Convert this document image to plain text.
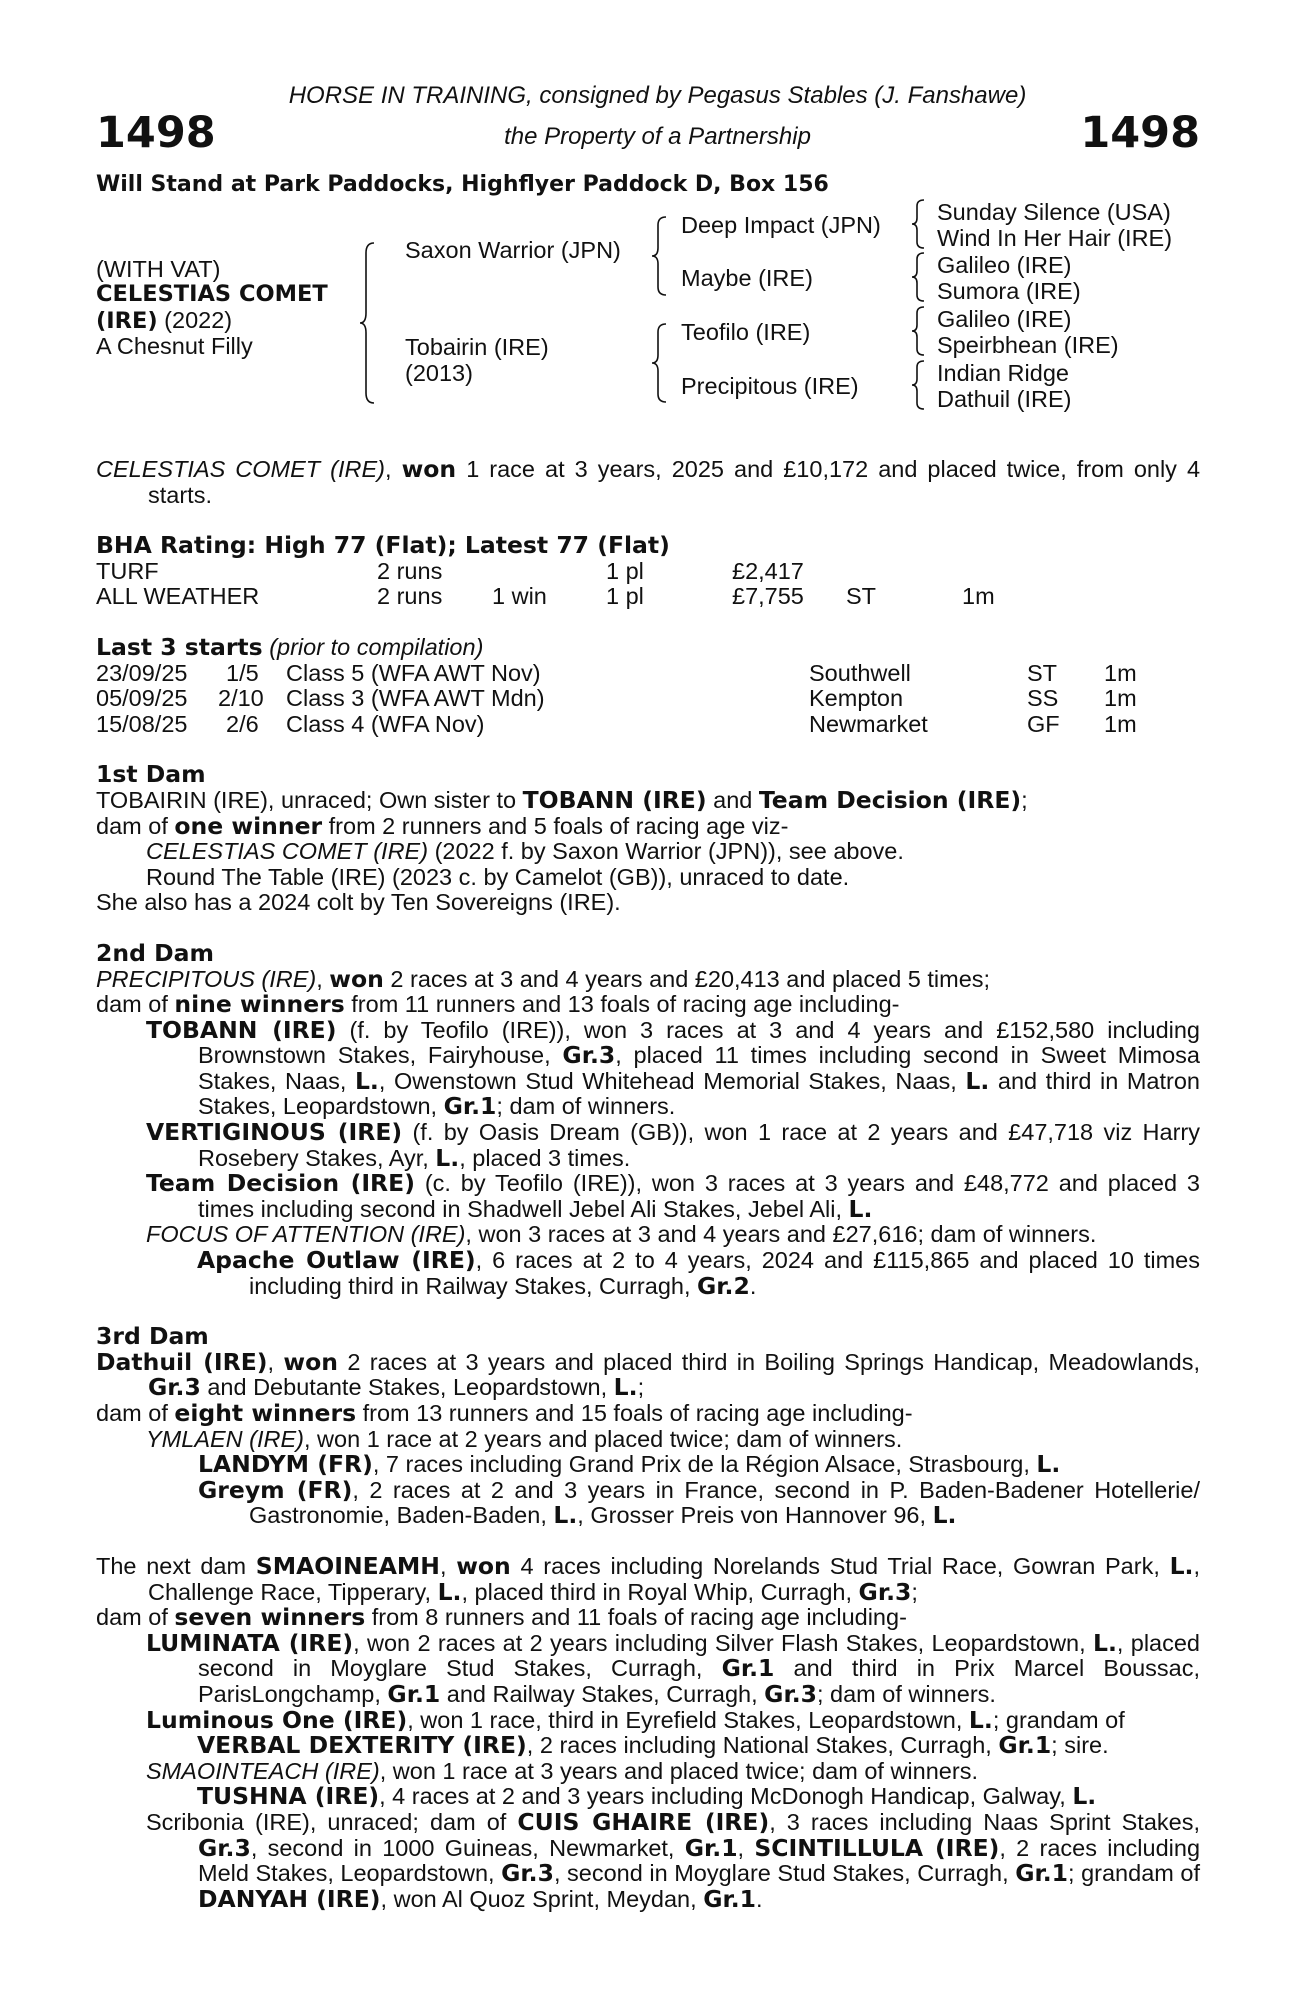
1498	1498
HORSE IN TRAINING, consigned by Pegasus Stables (J. Fanshawe)
the Property of a Partnership
Will Stand at Park Paddocks, Highflyer Paddock D, Box 156
(WITH VAT)
CELESTIAS COMET
(IRE) (2022)
A Chesnut Filly
Saxon Warrior (JPN)
Tobairin (IRE)
(2013)
Deep Impact (JPN)
Maybe (IRE)
Teofilo (IRE)
Precipitous (IRE)
Sunday Silence (USA)
Wind In Her Hair (IRE)
Galileo (IRE)
Sumora (IRE)
Galileo (IRE)
Speirbhean (IRE)
Indian Ridge
Dathuil (IRE)
CELESTIAS COMET (IRE), won 1 race at 3 years, 2025 and £10,172 and placed twice, from only 4 starts.
BHA Rating: High 77 (Flat); Latest 77 (Flat)
TURF	2 runs	1 pl	£2,417
ALL WEATHER	2 runs 1 win	1 pl	£7,755 ST	1m
Last 3 starts (prior to compilation)
23/09/25 1/5 Class 5 (WFA AWT Nov)	Southwell	ST 1m
05/09/25 2/10 Class 3 (WFA AWT Mdn)	Kempton	SS 1m
15/08/25 2/6 Class 4 (WFA Nov)	Newmarket	GF 1m
1st Dam
TOBAIRIN (IRE), unraced; Own sister to TOBANN (IRE) and Team Decision (IRE);
dam of one winner from 2 runners and 5 foals of racing age viz-
CELESTIAS COMET (IRE) (2022 f. by Saxon Warrior (JPN)), see above.
Round The Table (IRE) (2023 c. by Camelot (GB)), unraced to date.
She also has a 2024 colt by Ten Sovereigns (IRE).
2nd Dam
PRECIPITOUS (IRE), won 2 races at 3 and 4 years and £20,413 and placed 5 times;
dam of nine winners from 11 runners and 13 foals of racing age including-
TOBANN (IRE) (f. by Teofilo (IRE)), won 3 races at 3 and 4 years and £152,580 including Brownstown Stakes, Fairyhouse, Gr.3, placed 11 times including second in Sweet Mimosa Stakes, Naas, L., Owenstown Stud Whitehead Memorial Stakes, Naas, L. and third in Matron Stakes, Leopardstown, Gr.1; dam of winners.
VERTIGINOUS (IRE) (f. by Oasis Dream (GB)), won 1 race at 2 years and £47,718 viz Harry Rosebery Stakes, Ayr, L., placed 3 times.
Team Decision (IRE) (c. by Teofilo (IRE)), won 3 races at 3 years and £48,772 and placed 3 times including second in Shadwell Jebel Ali Stakes, Jebel Ali, L.
FOCUS OF ATTENTION (IRE), won 3 races at 3 and 4 years and £27,616; dam of winners.
Apache Outlaw (IRE), 6 races at 2 to 4 years, 2024 and £115,865 and placed 10 times including third in Railway Stakes, Curragh, Gr.2.
3rd Dam
Dathuil (IRE), won 2 races at 3 years and placed third in Boiling Springs Handicap, Meadowlands, Gr.3 and Debutante Stakes, Leopardstown, L.;
dam of eight winners from 13 runners and 15 foals of racing age including-
YMLAEN (IRE), won 1 race at 2 years and placed twice; dam of winners.
LANDYM (FR), 7 races including Grand Prix de la Région Alsace, Strasbourg, L.
Greym (FR), 2 races at 2 and 3 years in France, second in P. Baden-Badener Hotellerie/ Gastronomie, Baden-Baden, L., Grosser Preis von Hannover 96, L.
The next dam SMAOINEAMH, won 4 races including Norelands Stud Trial Race, Gowran Park, L., Challenge Race, Tipperary, L., placed third in Royal Whip, Curragh, Gr.3;
dam of seven winners from 8 runners and 11 foals of racing age including-
LUMINATA (IRE), won 2 races at 2 years including Silver Flash Stakes, Leopardstown, L., placed second in Moyglare Stud Stakes, Curragh, Gr.1 and third in Prix Marcel Boussac, ParisLongchamp, Gr.1 and Railway Stakes, Curragh, Gr.3; dam of winners.
Luminous One (IRE), won 1 race, third in Eyrefield Stakes, Leopardstown, L.; grandam of
VERBAL DEXTERITY (IRE), 2 races including National Stakes, Curragh, Gr.1; sire.
SMAOINTEACH (IRE), won 1 race at 3 years and placed twice; dam of winners.
TUSHNA (IRE), 4 races at 2 and 3 years including McDonogh Handicap, Galway, L.
Scribonia (IRE), unraced; dam of CUIS GHAIRE (IRE), 3 races including Naas Sprint Stakes, Gr.3, second in 1000 Guineas, Newmarket, Gr.1, SCINTILLULA (IRE), 2 races including Meld Stakes, Leopardstown, Gr.3, second in Moyglare Stud Stakes, Curragh, Gr.1; grandam of DANYAH (IRE), won Al Quoz Sprint, Meydan, Gr.1.
